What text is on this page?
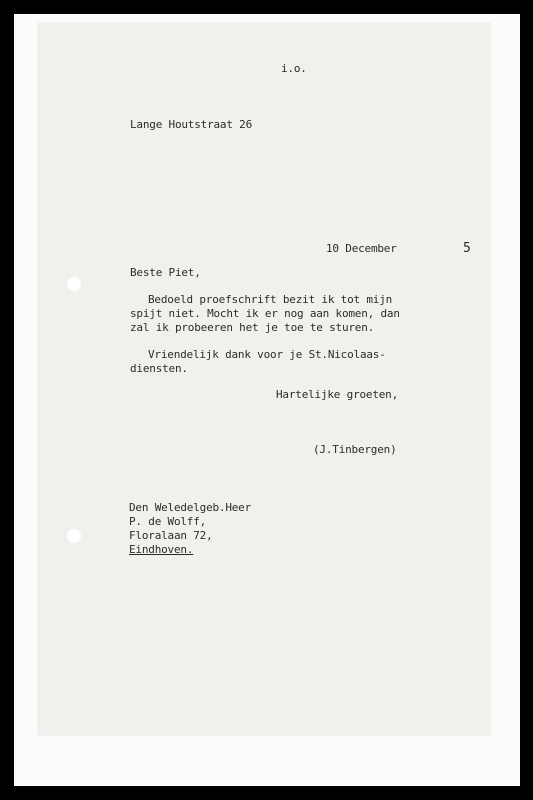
i.o.
Lange Houtstraat 26
10 December	5
Beste Piet,
Bedoeld proefschrift bezit ik tot mijn
spijt niet. Mocht ik er nog aan komen, dan
zal ik probeeren het je toe te sturen.
Vriendelijk dank voor je St.Nicolaas-
diensten.
Hartelijke groeten,
(J.Tinbergen)
Den Weledelgeb.Heer
P. de Wolff,
Floralaan 72,
Eindhoven.
